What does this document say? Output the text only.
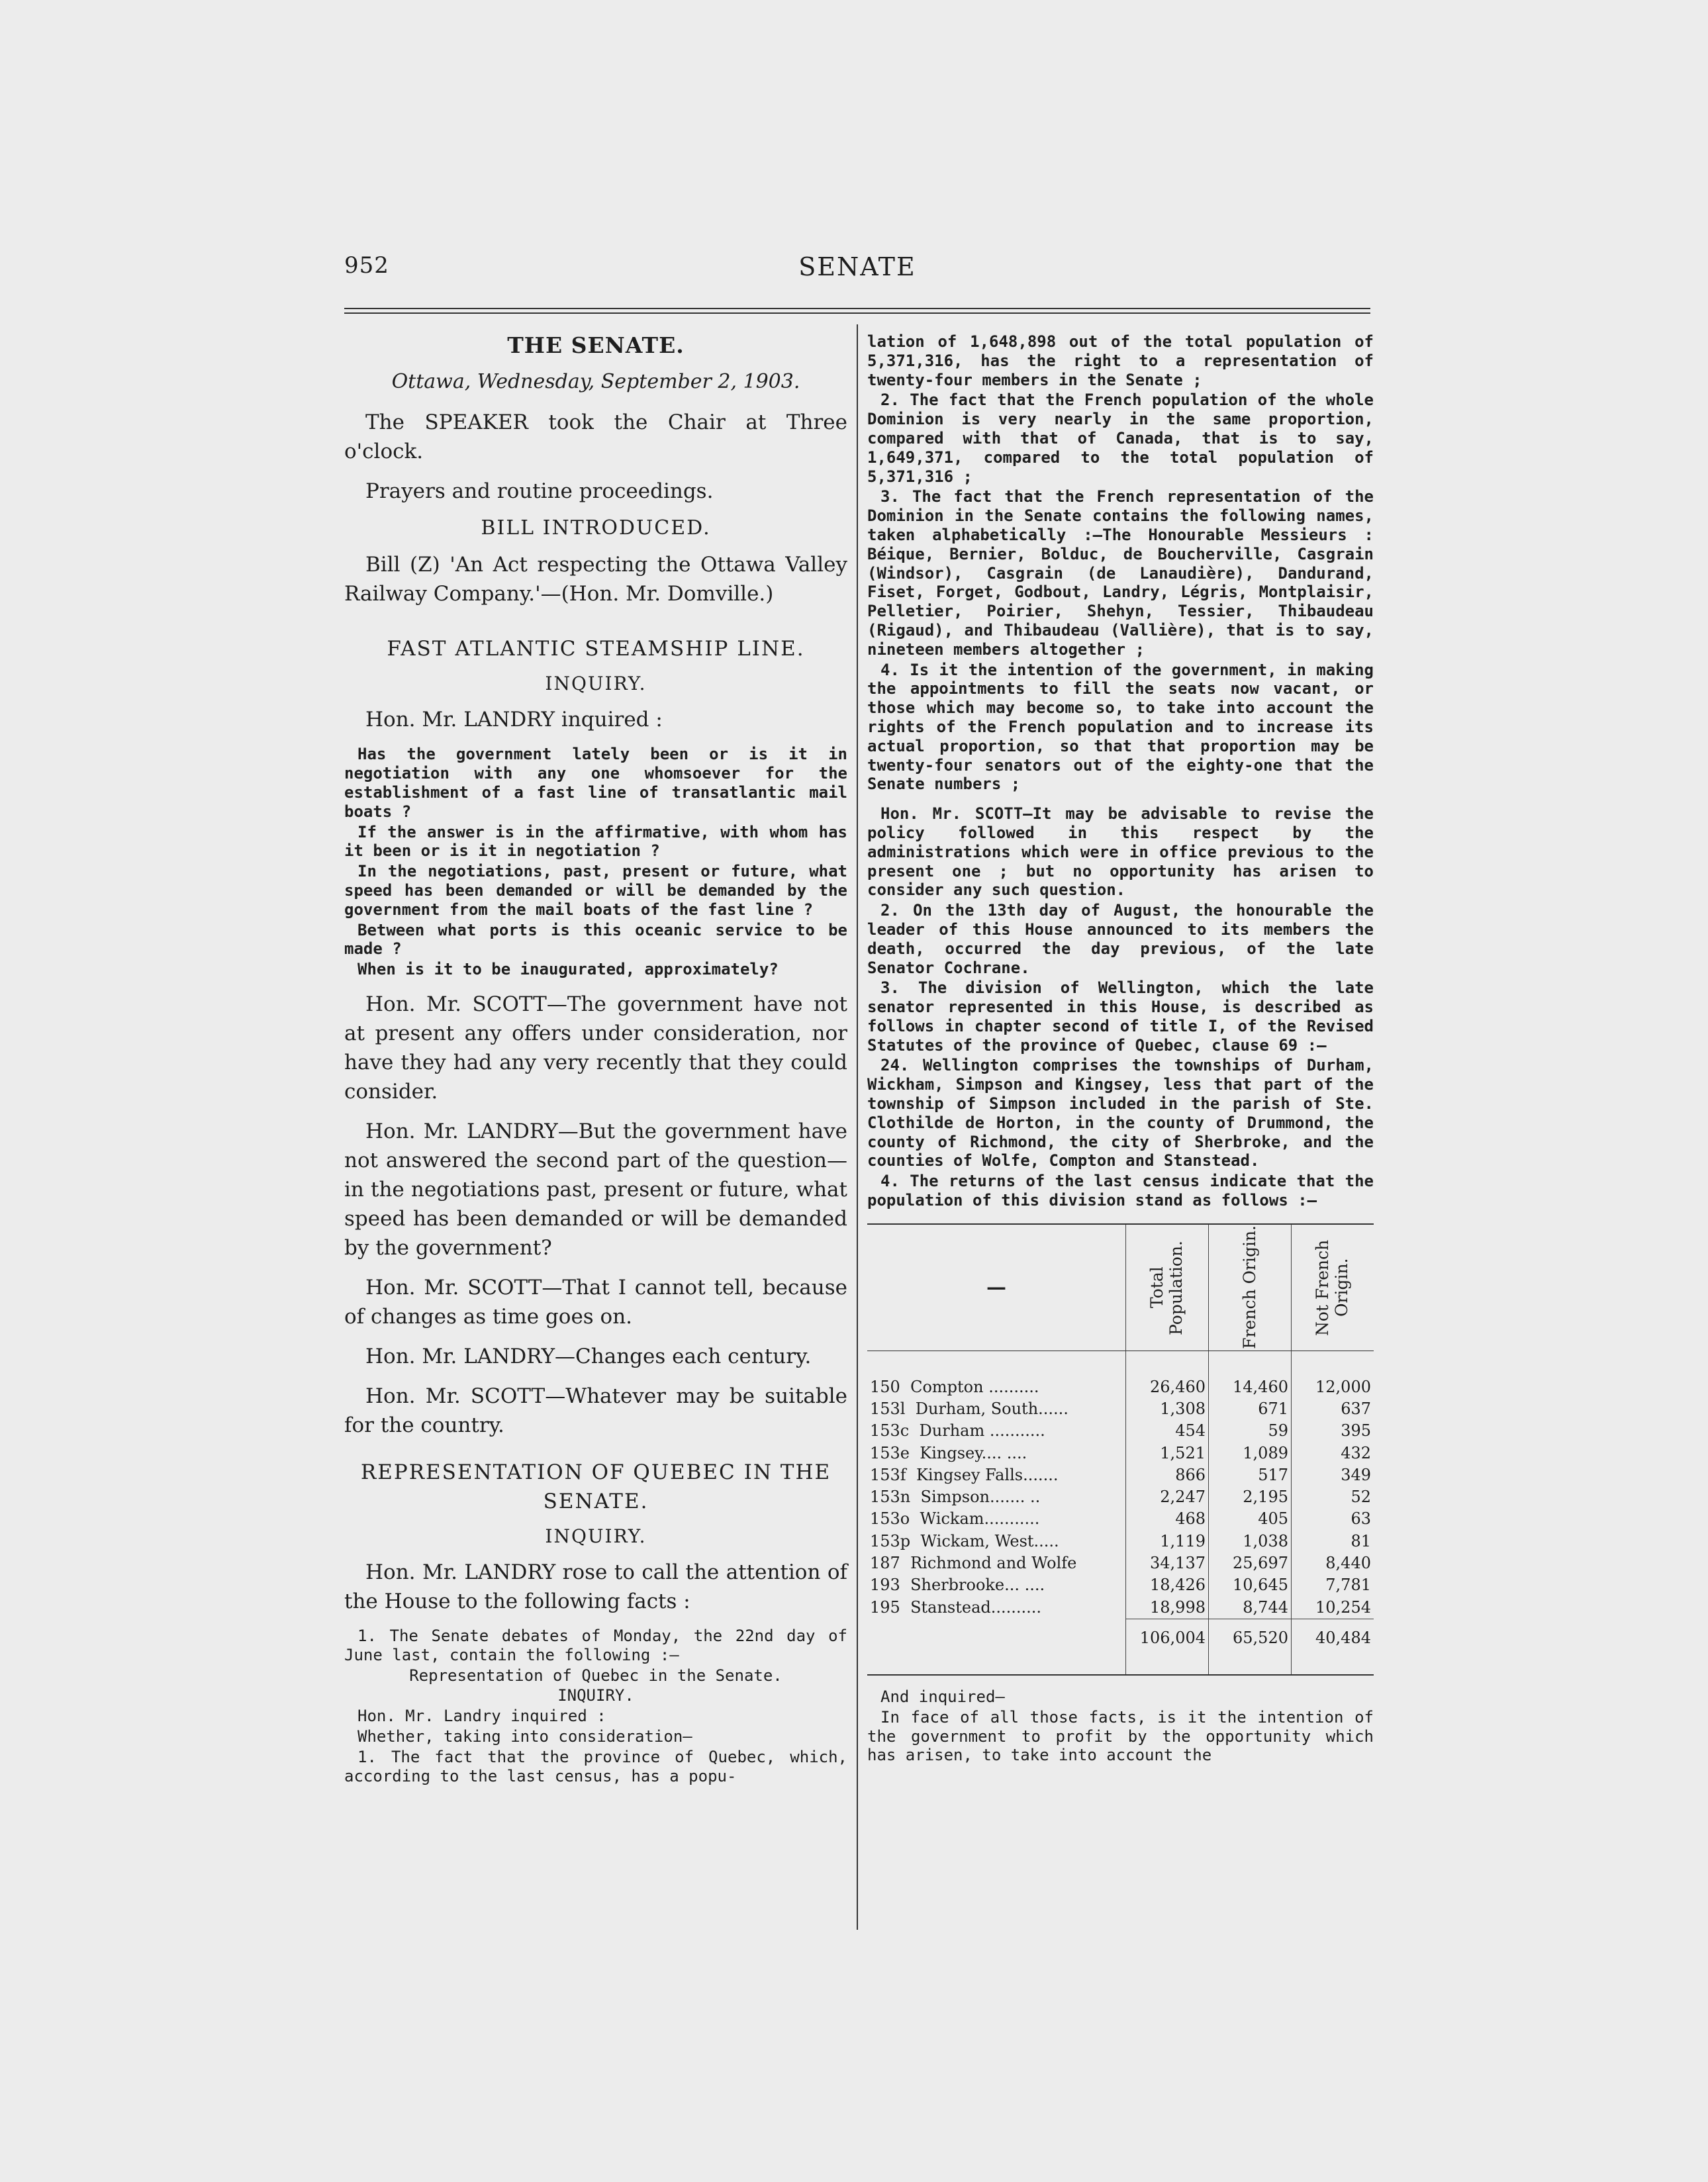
952	SENATE
THE SENATE.
Ottawa, Wednesday, September 2, 1903.

The SPEAKER took the Chair at Three o'clock.

Prayers and routine proceedings.

BILL INTRODUCED.

Bill (Z) 'An Act respecting the Ottawa Valley Railway Company.'—(Hon. Mr. Domville.)

FAST ATLANTIC STEAMSHIP LINE.
INQUIRY.

Hon. Mr. LANDRY inquired :

Has the government lately been or is it in negotiation with any one whomsoever for the establishment of a fast line of transatlantic mail boats ?

If the answer is in the affirmative, with whom has it been or is it in negotiation ?

In the negotiations, past, present or future, what speed has been demanded or will be demanded by the government from the mail boats of the fast line ?

Between what ports is this oceanic service to be made ?

When is it to be inaugurated, approximately?

Hon. Mr. SCOTT—The government have not at present any offers under consideration, nor have they had any very recently that they could consider.

Hon. Mr. LANDRY—But the government have not answered the second part of the question—in the negotiations past, present or future, what speed has been demanded or will be demanded by the government?

Hon. Mr. SCOTT—That I cannot tell, because of changes as time goes on.

Hon. Mr. LANDRY—Changes each century.

Hon. Mr. SCOTT—Whatever may be suitable for the country.

REPRESENTATION OF QUEBEC IN THE SENATE.
INQUIRY.

Hon. Mr. LANDRY rose to call the attention of the House to the following facts :

1. The Senate debates of Monday, the 22nd day of June last, contain the following :—

Representation of Quebec in the Senate.

INQUIRY.

Hon. Mr. Landry inquired :

Whether, taking into consideration—

1. The fact that the province of Quebec, which, according to the last census, has a popu-

lation of 1,648,898 out of the total population of 5,371,316, has the right to a representation of twenty-four members in the Senate ;

2. The fact that the French population of the whole Dominion is very nearly in the same proportion, compared with that of Canada, that is to say, 1,649,371, compared to the total population of 5,371,316 ;

3. The fact that the French representation of the Dominion in the Senate contains the following names, taken alphabetically :—The Honourable Messieurs : Béique, Bernier, Bolduc, de Boucherville, Casgrain (Windsor), Casgrain (de Lanaudière), Dandurand, Fiset, Forget, Godbout, Landry, Légris, Montplaisir, Pelletier, Poirier, Shehyn, Tessier, Thibaudeau (Rigaud), and Thibaudeau (Vallière), that is to say, nineteen members altogether ;

4. Is it the intention of the government, in making the appointments to fill the seats now vacant, or those which may become so, to take into account the rights of the French population and to increase its actual proportion, so that that proportion may be twenty-four senators out of the eighty-one that the Senate numbers ;

Hon. Mr. SCOTT—It may be advisable to revise the policy followed in this respect by the administrations which were in office previous to the present one ; but no opportunity has arisen to consider any such question.

2. On the 13th day of August, the honourable the leader of this House announced to its members the death, occurred the day previous, of the late Senator Cochrane.

3. The division of Wellington, which the late senator represented in this House, is described as follows in chapter second of title I, of the Revised Statutes of the province of Quebec, clause 69 :—

24. Wellington comprises the townships of Durham, Wickham, Simpson and Kingsey, less that part of the township of Simpson included in the parish of Ste. Clothilde de Horton, in the county of Drummond, the county of Richmond, the city of Sherbroke, and the counties of Wolfe, Compton and Stanstead.

4. The returns of the last census indicate that the population of this division stand as follows :—

—	Total Population.	French Origin.	Not French Origin.

150 Compton ..........	26,460	14,460	12,000
153l Durham, South......	1,308	671	637
153c Durham ...........	454	59	395
153e Kingsey.... ....	1,521	1,089	432
153f Kingsey Falls.......	866	517	349
153n Simpson....... ..	2,247	2,195	52
153o Wickam...........	468	405	63
153p Wickam, West.....	1,119	1,038	81
187 Richmond and Wolfe	34,137	25,697	8,440
193 Sherbrooke... ....	18,426	10,645	7,781
195 Stanstead..........	18,998	8,744	10,254
	106,004	65,520	40,484

And inquired—

In face of all those facts, is it the intention of the government to profit by the opportunity which has arisen, to take into account the
